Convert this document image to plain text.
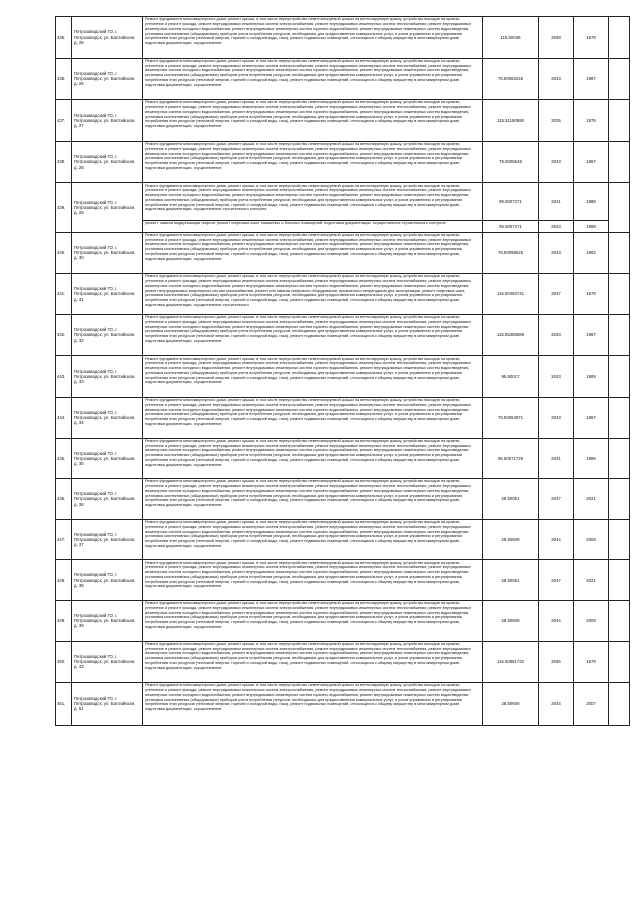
435.	Петрозаводский ГО, г. Петрозаводск, ул. Балтийская, д. 25	Ремонт фундамента многоквартирного дома, ремонт крыши, в том числе переустройство невентилируемой крыши на вентилируемую крышу, устройство выходов на кровлю, утепление и ремонт фасада, ремонт внутридомовых инженерных систем электроснабжения, ремонт внутридомовых инженерных систем теплоснабжения, ремонт внутридомовых инженерных систем холодного водоснабжения, ремонт внутридомовых инженерных систем горячего водоснабжения, ремонт внутридомовых инженерных систем водоотведения, установка коллективных (общедомовых) приборов учета потребления ресурсов, необходимых для предоставления коммунальных услуг, и узлов управления и регулирования потребления этих ресурсов (тепловой энергии, горячей и холодной воды, газа), ремонт подвальных помещений, относящихся к общему имуществу в многоквартирном доме, подготовка документации, осуществление	115.50038	2038	1978	
436.	Петрозаводский ГО, г. Петрозаводск, ул. Балтийская, д. 26	Ремонт фундамента многоквартирного дома, ремонт крыши, в том числе переустройство невентилируемой крыши на вентилируемую крышу, устройство выходов на кровлю, утепление и ремонт фасада, ремонт внутридомовых инженерных систем электроснабжения, ремонт внутридомовых инженерных систем теплоснабжения, ремонт внутридомовых инженерных систем холодного водоснабжения, ремонт внутридомовых инженерных систем горячего водоснабжения, ремонт внутридомовых инженерных систем водоотведения, установка коллективных (общедомовых) приборов учета потребления ресурсов, необходимых для предоставления коммунальных услуг, и узлов управления и регулирования потребления этих ресурсов (тепловой энергии, горячей и холодной воды, газа), ремонт подвальных помещений, относящихся к общему имуществу в многоквартирном доме, подготовка документации, осуществление	75.50062245	2043	1987	
437.	Петрозаводский ГО, г. Петрозаводск, ул. Балтийская, д. 27	Ремонт фундамента многоквартирного дома, ремонт крыши, в том числе переустройство невентилируемой крыши на вентилируемую крышу, устройство выходов на кровлю, утепление и ремонт фасада, ремонт внутридомовых инженерных систем электроснабжения, ремонт внутридомовых инженерных систем теплоснабжения, ремонт внутридомовых инженерных систем холодного водоснабжения, ремонт внутридомовых инженерных систем горячего водоснабжения, ремонт внутридомовых инженерных систем водоотведения, установка коллективных (общедомовых) приборов учета потребления ресурсов, необходимых для предоставления коммунальных услуг, и узлов управления и регулирования потребления этих ресурсов (тепловой энергии, горячей и холодной воды, газа), ремонт подвальных помещений, относящихся к общему имуществу в многоквартирном доме, подготовка документации, осуществление	115.51150995	2035	1978	
438.	Петрозаводский ГО, г. Петрозаводск, ул. Балтийская, д. 28	Ремонт фундамента многоквартирного дома, ремонт крыши, в том числе переустройство невентилируемой крыши на вентилируемую крышу, устройство выходов на кровлю, утепление и ремонт фасада, ремонт внутридомовых инженерных систем электроснабжения, ремонт внутридомовых инженерных систем теплоснабжения, ремонт внутридомовых инженерных систем холодного водоснабжения, ремонт внутридомовых инженерных систем горячего водоснабжения, ремонт внутридомовых инженерных систем водоотведения, установка коллективных (общедомовых) приборов учета потребления ресурсов, необходимых для предоставления коммунальных услуг, и узлов управления и регулирования потребления этих ресурсов (тепловой энергии, горячей и холодной воды, газа), ремонт подвальных помещений, относящихся к общему имуществу в многоквартирном доме, подготовка документации, осуществление	75.5009648	2043	1967	
439.	Петрозаводский ГО, г. Петрозаводск, ул. Балтийская, д. 29	Ремонт фундамента многоквартирного дома, ремонт крыши, в том числе переустройство невентилируемой крыши на вентилируемую крышу, устройство выходов на кровлю, утепление и ремонт фасада, ремонт внутридомовых инженерных систем электроснабжения, ремонт внутридомовых инженерных систем теплоснабжения, ремонт внутридомовых инженерных систем холодного водоснабжения, ремонт внутридомовых инженерных систем горячего водоснабжения, ремонт внутридомовых инженерных систем водоотведения, установка коллективных (общедомовых) приборов учета потребления ресурсов, необходимых для предоставления коммунальных услуг, и узлов управления и регулирования потребления этих ресурсов (тепловой энергии, горячей и холодной воды, газа), ремонт подвальных помещений, относящихся к общему имуществу в многоквартирном доме, подготовка документации, осуществление строительного контроля	95.5007271	2041	1988	
		ремонт, замена модернизация лифтов, ремонт лифтовых шахт, машинных и блочных помещений, подготовка документации, осуществление строительного контроля	95.5007271	2023	1988	
440.	Петрозаводский ГО, г. Петрозаводск, ул. Балтийская, д. 30	Ремонт фундамента многоквартирного дома, ремонт крыши, в том числе переустройство невентилируемой крыши на вентилируемую крышу, устройство выходов на кровлю, утепление и ремонт фасада, ремонт внутридомовых инженерных систем электроснабжения, ремонт внутридомовых инженерных систем теплоснабжения, ремонт внутридомовых инженерных систем холодного водоснабжения, ремонт внутридомовых инженерных систем горячего водоснабжения, ремонт внутридомовых инженерных систем водоотведения, установка коллективных (общедомовых) приборов учета потребления ресурсов, необходимых для предоставления коммунальных услуг, и узлов управления и регулирования потребления этих ресурсов (тепловой энергии, горячей и холодной воды, газа), ремонт подвальных помещений, относящихся к общему имуществу в многоквартирном доме, подготовка документации, осуществление	75.50098625	2043	1962	
441.	Петрозаводский ГО, г. Петрозаводск, ул. Балтийская, д. 31	Ремонт фундамента многоквартирного дома, ремонт крыши, в том числе переустройство невентилируемой крыши на вентилируемую крышу, устройство выходов на кровлю, утепление и ремонт фасада, ремонт внутридомовых инженерных систем электроснабжения, ремонт внутридомовых инженерных систем теплоснабжения, ремонт внутридомовых инженерных систем холодного водоснабжения, ремонт внутридомовых инженерных систем горячего водоснабжения, ремонт внутридомовых инженерных систем водоотведения, ремонт внутридомовых инженерных систем газоснабжения, ремонт или замена лифтового оборудования, признанного непригодным для эксплуатации, ремонт лифтовых шахт, установка коллективных (общедомовых) приборов учета потребления ресурсов, необходимых для предоставления коммунальных услуг, и узлов управления и регулирования потребления этих ресурсов (тепловой энергии, горячей и холодной воды, газа), ремонт подвальных помещений, относящихся к общему имуществу в многоквартирном доме, подготовка документации, осуществление строительного	115.50482741	2037	1978	
442.	Петрозаводский ГО, г. Петрозаводск, ул. Балтийская, д. 32	Ремонт фундамента многоквартирного дома, ремонт крыши, в том числе переустройство невентилируемой крыши на вентилируемую крышу, устройство выходов на кровлю, утепление и ремонт фасада, ремонт внутридомовых инженерных систем электроснабжения, ремонт внутридомовых инженерных систем теплоснабжения, ремонт внутридомовых инженерных систем холодного водоснабжения, ремонт внутридомовых инженерных систем горячего водоснабжения, ремонт внутридомовых инженерных систем водоотведения, установка коллективных (общедомовых) приборов учета потребления ресурсов, необходимых для предоставления коммунальных услуг, и узлов управления и регулирования потребления этих ресурсов (тепловой энергии, горячей и холодной воды, газа), ремонт подвальных помещений, относящихся к общему имуществу в многоквартирном доме, подготовка документации, осуществление	115.55385589	2033	1967	
443.	Петрозаводский ГО, г. Петрозаводск, ул. Балтийская, д. 33	Ремонт фундамента многоквартирного дома, ремонт крыши, в том числе переустройство невентилируемой крыши на вентилируемую крышу, устройство выходов на кровлю, утепление и ремонт фасада, ремонт внутридомовых инженерных систем электроснабжения, ремонт внутридомовых инженерных систем теплоснабжения, ремонт внутридомовых инженерных систем холодного водоснабжения, ремонт внутридомовых инженерных систем горячего водоснабжения, ремонт внутридомовых инженерных систем водоотведения, установка коллективных (общедомовых) приборов учета потребления ресурсов, необходимых для предоставления коммунальных услуг, и узлов управления и регулирования потребления этих ресурсов (тепловой энергии, горячей и холодной воды, газа), ремонт подвальных помещений, относящихся к общему имуществу в многоквартирном доме, подготовка документации, осуществление	95.50017	2043	1989	
444.	Петрозаводский ГО, г. Петрозаводск, ул. Балтийская, д. 34	Ремонт фундамента многоквартирного дома, ремонт крыши, в том числе переустройство невентилируемой крыши на вентилируемую крышу, устройство выходов на кровлю, утепление и ремонт фасада, ремонт внутридомовых инженерных систем электроснабжения, ремонт внутридомовых инженерных систем теплоснабжения, ремонт внутридомовых инженерных систем холодного водоснабжения, ремонт внутридомовых инженерных систем горячего водоснабжения, ремонт внутридомовых инженерных систем водоотведения, установка коллективных (общедомовых) приборов учета потребления ресурсов, необходимых для предоставления коммунальных услуг, и узлов управления и регулирования потребления этих ресурсов (тепловой энергии, горячей и холодной воды, газа), ремонт подвальных помещений, относящихся к общему имуществу в многоквартирном доме, подготовка документации, осуществление	75.50064971	2043	1967	
445.	Петрозаводский ГО, г. Петрозаводск, ул. Балтийская, д. 35	Ремонт фундамента многоквартирного дома, ремонт крыши, в том числе переустройство невентилируемой крыши на вентилируемую крышу, устройство выходов на кровлю, утепление и ремонт фасада, ремонт внутридомовых инженерных систем электроснабжения, ремонт внутридомовых инженерных систем теплоснабжения, ремонт внутридомовых инженерных систем холодного водоснабжения, ремонт внутридомовых инженерных систем горячего водоснабжения, ремонт внутридомовых инженерных систем водоотведения, установка коллективных (общедомовых) приборов учета потребления ресурсов, необходимых для предоставления коммунальных услуг, и узлов управления и регулирования потребления этих ресурсов (тепловой энергии, горячей и холодной воды, газа), ремонт подвальных помещений, относящихся к общему имуществу в многоквартирном доме, подготовка документации, осуществление	95.50071729	2041	1989	
446.	Петрозаводский ГО, г. Петрозаводск, ул. Балтийская, д. 36	Ремонт фундамента многоквартирного дома, ремонт крыши, в том числе переустройство невентилируемой крыши на вентилируемую крышу, устройство выходов на кровлю, утепление и ремонт фасада, ремонт внутридомовых инженерных систем электроснабжения, ремонт внутридомовых инженерных систем теплоснабжения, ремонт внутридомовых инженерных систем холодного водоснабжения, ремонт внутридомовых инженерных систем горячего водоснабжения, ремонт внутридомовых инженерных систем водоотведения, установка коллективных (общедомовых) приборов учета потребления ресурсов, необходимых для предоставления коммунальных услуг, и узлов управления и регулирования потребления этих ресурсов (тепловой энергии, горячей и холодной воды, газа), ремонт подвальных помещений, относящихся к общему имуществу в многоквартирном доме, подготовка документации, осуществление	28.50051	2047	2021	
447.	Петрозаводский ГО, г. Петрозаводск, ул. Балтийская, д. 37	Ремонт фундамента многоквартирного дома, ремонт крыши, в том числе переустройство невентилируемой крыши на вентилируемую крышу, устройство выходов на кровлю, утепление и ремонт фасада, ремонт внутридомовых инженерных систем электроснабжения, ремонт внутридомовых инженерных систем теплоснабжения, ремонт внутридомовых инженерных систем холодного водоснабжения, ремонт внутридомовых инженерных систем горячего водоснабжения, ремонт внутридомовых инженерных систем водоотведения, установка коллективных (общедомовых) приборов учета потребления ресурсов, необходимых для предоставления коммунальных услуг, и узлов управления и регулирования потребления этих ресурсов (тепловой энергии, горячей и холодной воды, газа), ремонт подвальных помещений, относящихся к общему имуществу в многоквартирном доме, подготовка документации, осуществление	28.50608	2044	2008	
448.	Петрозаводский ГО, г. Петрозаводск, ул. Балтийская, д. 38	Ремонт фундамента многоквартирного дома, ремонт крыши, в том числе переустройство невентилируемой крыши на вентилируемую крышу, устройство выходов на кровлю, утепление и ремонт фасада, ремонт внутридомовых инженерных систем электроснабжения, ремонт внутридомовых инженерных систем теплоснабжения, ремонт внутридомовых инженерных систем холодного водоснабжения, ремонт внутридомовых инженерных систем горячего водоснабжения, ремонт внутридомовых инженерных систем водоотведения, установка коллективных (общедомовых) приборов учета потребления ресурсов, необходимых для предоставления коммунальных услуг, и узлов управления и регулирования потребления этих ресурсов (тепловой энергии, горячей и холодной воды, газа), ремонт подвальных помещений, относящихся к общему имуществу в многоквартирном доме, подготовка документации, осуществление	28.50051	2047	2021	
449.	Петрозаводский ГО, г. Петрозаводск, ул. Балтийская, д. 39	Ремонт фундамента многоквартирного дома, ремонт крыши, в том числе переустройство невентилируемой крыши на вентилируемую крышу, устройство выходов на кровлю, утепление и ремонт фасада, ремонт внутридомовых инженерных систем электроснабжения, ремонт внутридомовых инженерных систем теплоснабжения, ремонт внутридомовых инженерных систем холодного водоснабжения, ремонт внутридомовых инженерных систем горячего водоснабжения, ремонт внутридомовых инженерных систем водоотведения, установка коллективных (общедомовых) приборов учета потребления ресурсов, необходимых для предоставления коммунальных услуг, и узлов управления и регулирования потребления этих ресурсов (тепловой энергии, горячей и холодной воды, газа), ремонт подвальных помещений, относящихся к общему имуществу в многоквартирном доме, подготовка документации, осуществление	28.50608	2044	2008	
450.	Петрозаводский ГО, г. Петрозаводск, ул. Балтийская, д. 43	Ремонт фундамента многоквартирного дома, ремонт крыши, в том числе переустройство невентилируемой крыши на вентилируемую крышу, устройство выходов на кровлю, утепление и ремонт фасада, ремонт внутридомовых инженерных систем электроснабжения, ремонт внутридомовых инженерных систем теплоснабжения, ремонт внутридомовых инженерных систем холодного водоснабжения, ремонт внутридомовых инженерных систем горячего водоснабжения, ремонт внутридомовых инженерных систем водоотведения, установка коллективных (общедомовых) приборов учета потребления ресурсов, необходимых для предоставления коммунальных услуг, и узлов управления и регулирования потребления этих ресурсов (тепловой энергии, горячей и холодной воды, газа), ремонт подвальных помещений, относящихся к общему имуществу в многоквартирном доме, подготовка документации, осуществление	115.50881722	2036	1979	
451.	Петрозаводский ГО, г. Петрозаводск, ул. Балтийская, д. 51	Ремонт фундамента многоквартирного дома, ремонт крыши, в том числе переустройство невентилируемой крыши на вентилируемую крышу, устройство выходов на кровлю, утепление и ремонт фасада, ремонт внутридомовых инженерных систем электроснабжения, ремонт внутридомовых инженерных систем теплоснабжения, ремонт внутридомовых инженерных систем холодного водоснабжения, ремонт внутридомовых инженерных систем горячего водоснабжения, ремонт внутридомовых инженерных систем водоотведения, установка коллективных (общедомовых) приборов учета потребления ресурсов, необходимых для предоставления коммунальных услуг, и узлов управления и регулирования потребления этих ресурсов (тепловой энергии, горячей и холодной воды, газа), ремонт подвальных помещений, относящихся к общему имуществу в многоквартирном доме, подготовка документации, осуществление	28.50609	2044	2007	
